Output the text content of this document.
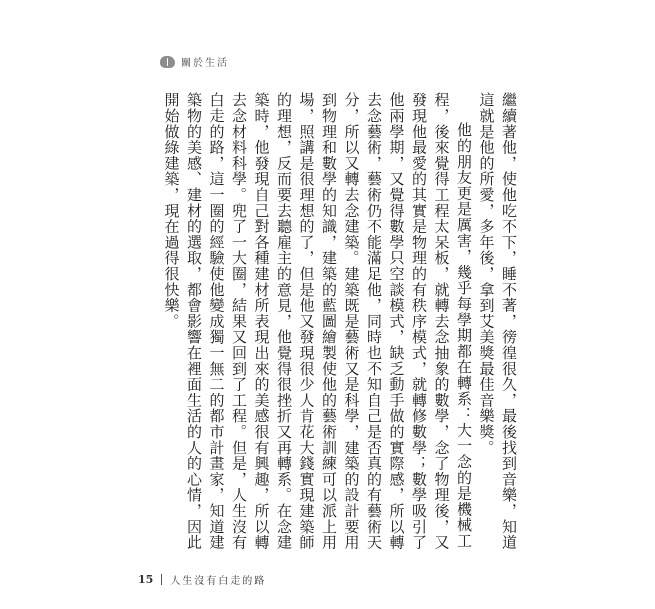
關於生活

繼續著他，使他吃不下，睡不著，徬徨很久，最後找到音樂，知道這就是他的所愛，多年後，拿到艾美獎最佳音樂獎。

他的朋友更是厲害，幾乎每學期都在轉系：大一念的是機械工程，後來覺得工程太呆板，就轉去念抽象的數學，念了物理後，又發現他最愛的其實是物理的有秩序模式，就轉修數學；數學吸引了他兩學期，又覺得數學只空談模式，缺乏動手做的實際感，所以轉去念藝術，藝術仍不能滿足他，同時也不知自己是否真的有藝術天分，所以又轉去念建築。建築既是藝術又是科學，建築的設計要用到物理和數學的知識，建築的藍圖繪製使他的藝術訓練可以派上用場，照講是很理想的了，但是他又發現很少人肯花大錢實現建築師的理想，反而要去聽雇主的意見，他覺得很挫折又再轉系。在念建築時，他發現自己對各種建材所表現出來的美感很有興趣，所以轉去念材料科學。兜了一大圈，結果又回到了工程。但是，人生沒有白走的路，這一圈的經驗使他變成獨一無二的都市計畫家，知道建築物的美感、建材的選取，都會影響在裡面生活的人的心情，因此開始做綠建築，現在過得很快樂。

15 人生沒有白走的路
